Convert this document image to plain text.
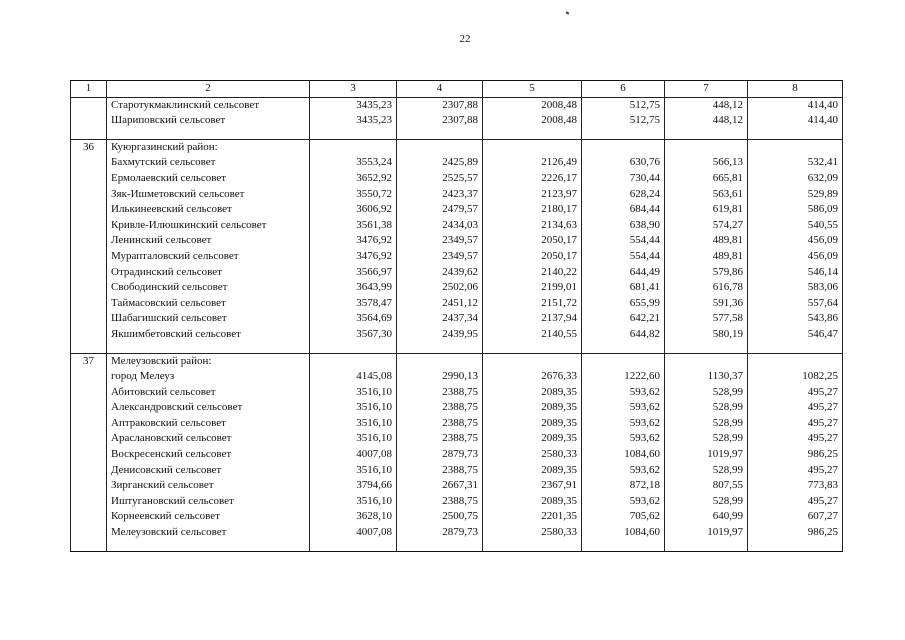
22
1	2	3	4	5	6	7	8
	Старотукмаклинский сельсовет	3435,23	2307,88	2008,48	512,75	448,12	414,40
	Шариповский сельсовет	3435,23	2307,88	2008,48	512,75	448,12	414,40

36	Куюргазинский район:						
	Бахмутский сельсовет	3553,24	2425,89	2126,49	630,76	566,13	532,41
	Ермолаевский сельсовет	3652,92	2525,57	2226,17	730,44	665,81	632,09
	Зяк-Ишметовский сельсовет	3550,72	2423,37	2123,97	628,24	563,61	529,89
	Илькинеевский сельсовет	3606,92	2479,57	2180,17	684,44	619,81	586,09
	Кривле-Илюшкинский сельсовет	3561,38	2434,03	2134,63	638,90	574,27	540,55
	Ленинский сельсовет	3476,92	2349,57	2050,17	554,44	489,81	456,09
	Мурапталовский сельсовет	3476,92	2349,57	2050,17	554,44	489,81	456,09
	Отрадинский сельсовет	3566,97	2439,62	2140,22	644,49	579,86	546,14
	Свободинский сельсовет	3643,99	2502,06	2199,01	681,41	616,78	583,06
	Таймасовский сельсовет	3578,47	2451,12	2151,72	655,99	591,36	557,64
	Шабагишский сельсовет	3564,69	2437,34	2137,94	642,21	577,58	543,86
	Якшимбетовский сельсовет	3567,30	2439,95	2140,55	644,82	580,19	546,47

37	Мелеузовский район:						
	город Мелеуз	4145,08	2990,13	2676,33	1222,60	1130,37	1082,25
	Абитовский сельсовет	3516,10	2388,75	2089,35	593,62	528,99	495,27
	Александровский сельсовет	3516,10	2388,75	2089,35	593,62	528,99	495,27
	Аптраковский сельсовет	3516,10	2388,75	2089,35	593,62	528,99	495,27
	Араслановский сельсовет	3516,10	2388,75	2089,35	593,62	528,99	495,27
	Воскресенский сельсовет	4007,08	2879,73	2580,33	1084,60	1019,97	986,25
	Денисовский сельсовет	3516,10	2388,75	2089,35	593,62	528,99	495,27
	Зирганский сельсовет	3794,66	2667,31	2367,91	872,18	807,55	773,83
	Иштугановский сельсовет	3516,10	2388,75	2089,35	593,62	528,99	495,27
	Корнеевский сельсовет	3628,10	2500,75	2201,35	705,62	640,99	607,27
	Мелеузовский сельсовет	4007,08	2879,73	2580,33	1084,60	1019,97	986,25
